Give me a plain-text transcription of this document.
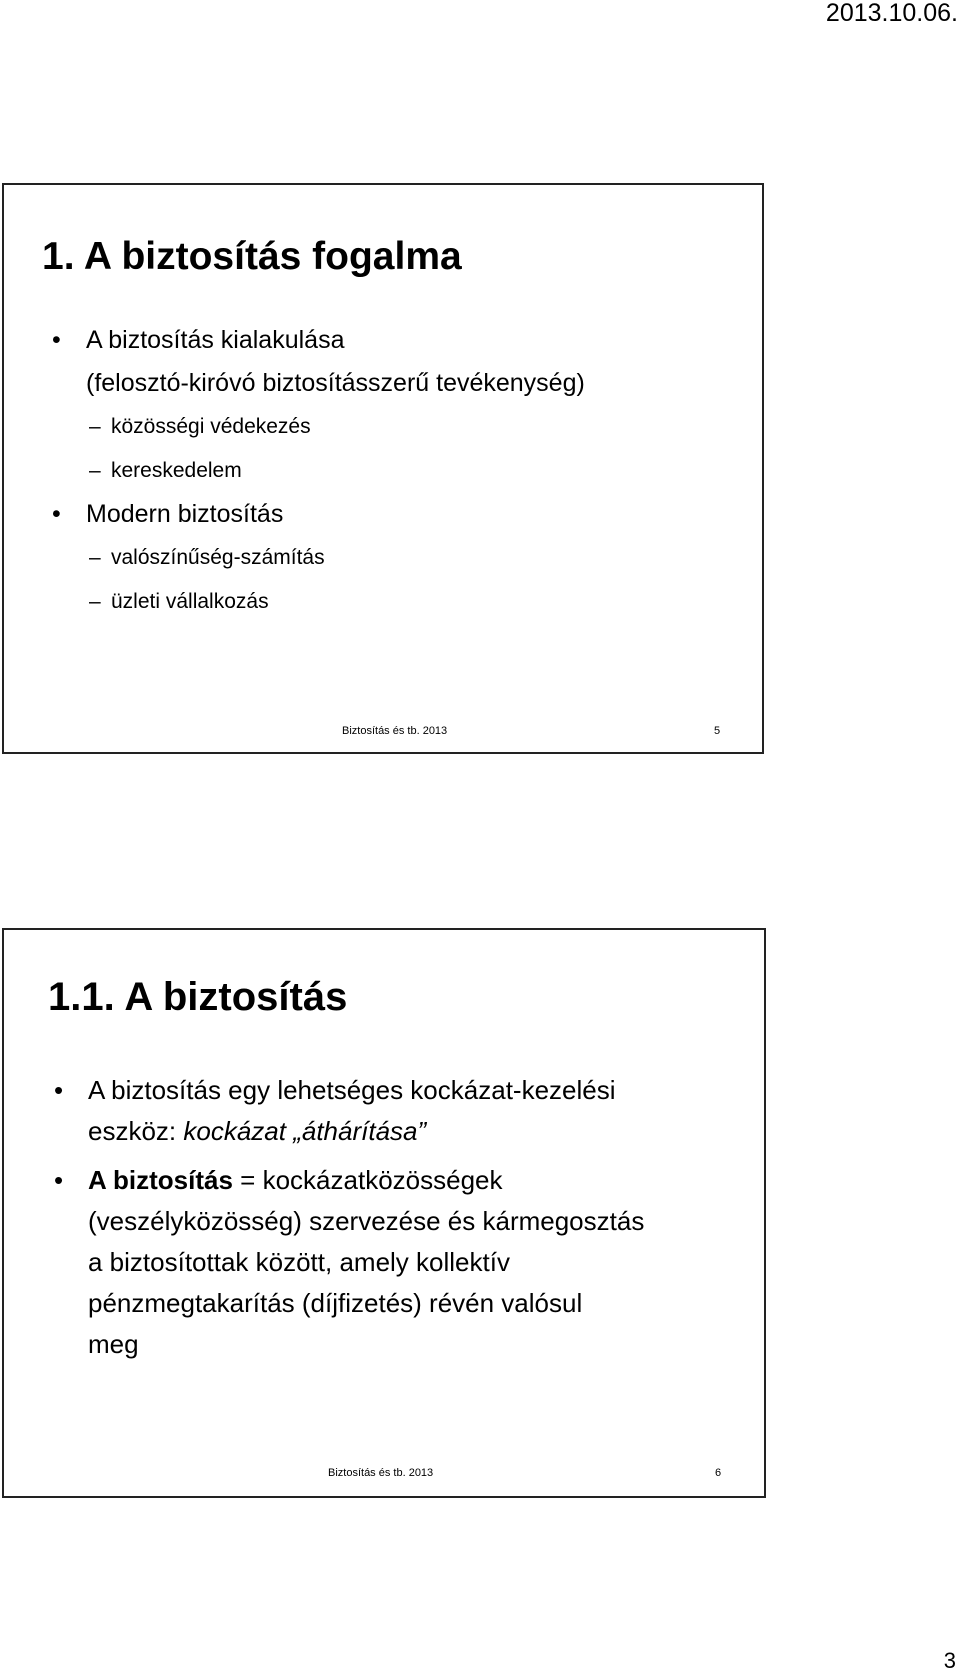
2013.10.06.
1. A biztosítás fogalma
• A biztosítás kialakulása
(felosztó-kiróvó biztosításszerű tevékenység)
– közösségi védekezés
– kereskedelem
• Modern biztosítás
– valószínűség-számítás
– üzleti vállalkozás
Biztosítás és tb. 2013	5
1.1. A biztosítás
• A biztosítás egy lehetséges kockázat-kezelési
eszköz: kockázat „áthárítása”
• A biztosítás = kockázatközösségek
(veszélyközösség) szervezése és kármegosztás
a biztosítottak között, amely kollektív
pénzmegtakarítás (díjfizetés) révén valósul
meg
Biztosítás és tb. 2013	6
3
